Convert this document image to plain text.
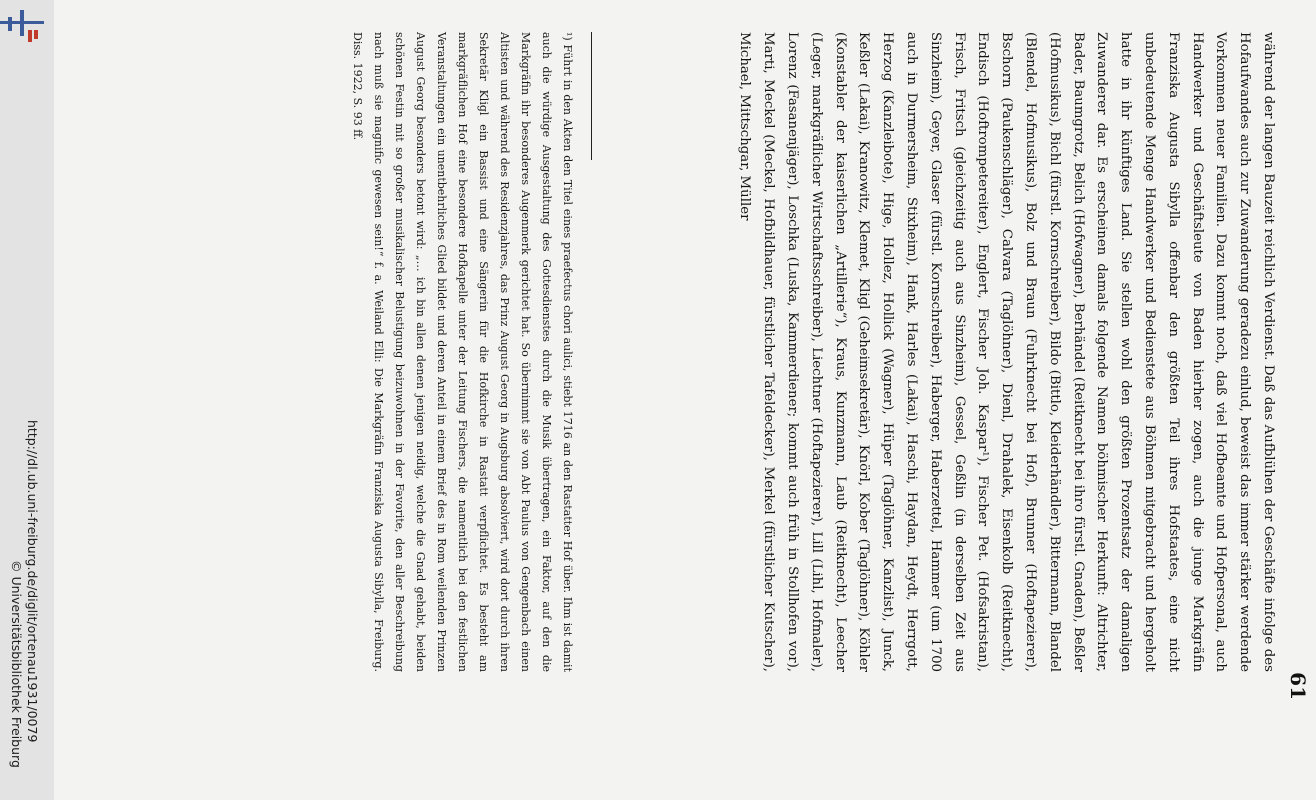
http://dl.ub.uni-freiburg.de/diglit/ortenau1931/0079
© Universitätsbibliothek Freiburg	61

während der langen Bauzeit reichlich Verdienst. Daß das Aufblühen der Geschäfte infolge des Hofaufwandes auch zur Zuwanderung geradezu einlud, beweist das immer stärker werdende Vorkommen neuer Familien. Dazu kommt noch, daß viel Hofbeamte und Hofpersonal, auch Handwerker und Geschäftsleute von Baden hierher zogen, auch die junge Markgräfin Franziska Augusta Sibylla offenbar den größten Teil ihres Hofstaates, eine nicht unbedeutende Menge Handwerker und Bedienstete aus Böhmen mitgebracht und hergeholt hatte in ihr künftiges Land. Sie stellen wohl den größten Prozentsatz der damaligen Zuwanderer dar. Es erscheinen damals folgende Namen böhmischer Herkunft: Altrichter, Bader, Baumgrotz, Belich (Hofwagner), Berhändel (Reitknecht bei ihro fürstl. Gnaden), Beßler (Hofmusikus), Bichl (fürstl. Kornschreiber), Bildo (Bittlo, Kleiderhändler), Bittermann, Blandel (Blendel, Hofmusikus), Bolz und Braun (Fuhrknecht bei Hof), Brunner (Hoftapezierer), Bschorn (Paukenschläger), Calvara (Taglöhner), Dienl, Drahalek, Eisenkolb (Reitknecht), Endisch (Hoftrompetereiter), Englert, Fischer Joh. Kaspar¹), Fischer Pet. (Hofsakristan), Frisch, Fritsch (gleichzeitig auch aus Sinzheim), Gessel, Geßlin (in derselben Zeit aus Sinzheim), Geyer, Glaser (fürstl. Kornschreiber), Haberger, Haberzettel, Hammer (um 1700 auch in Durmersheim, Stixheim), Hank, Harles (Lakai), Haschi, Haydan, Heydt, Herrgott, Herzog (Kanzleibote), Hige, Hollez, Hollick (Wagner), Hüper (Taglöhner, Kanzlist), Junck, Keßler (Lakai), Kranowitz, Klemet, Kligl (Geheimsekretär), Knörl, Kober (Taglöhner), Köhler (Konstabler der kaiserlichen „Artillerie“), Kraus, Kunzmann, Laub (Reitknecht), Leecher (Leger, markgräflicher Wirtschaftsschreiber), Liechtner (Hoftapezierer), Lill (Lihl, Hofmaler), Lorenz (Fasanenjäger), Loschka (Luska, Kammerdiener; kommt auch früh in Stollhofen vor), Marti, Meckel (Meckel, Hofbildhauer, fürstlicher Tafeldecker), Merkel (fürstlicher Kutscher), Michael, Mittschgar, Müller

¹) Führt in den Akten den Titel eines praefectus chori aulici, stiebt 1716 an den Rastatter Hof über. Ihm ist damit auch die würdige Ausgestaltung des Gottesdienstes durch die Musik übertragen, ein Faktor, auf den die Markgräfin ihr besonderes Augenmerk gerichtet hat. So übernimmt sie von Abt Paulus von Gengenbach einen Altisten und während des Residenzjahres, das Prinz August Georg in Augsburg absolviert, wird dort durch ihren Sekretär Kligl ein Bassist und eine Sängerin für die Hofkirche in Rastatt verpflichtet. Es besteht am markgräflichen Hof eine besondere Hofkapelle unter der Leitung Fischers, die namentlich bei den festlichen Veranstaltungen ein unentbehrliches Glied bildet und deren Anteil in einem Brief des in Rom weilenden Prinzen August Georg besonders betont wird: „… ich bin allen denen jenigen neidig, welche die Gnad gehabt, beiden schönen Festin mit so großer musikalischer Belustigung beizuwohnen in der Favorite, den aller Beschreibung nach muß sie magnific gewesen sein!“ f. a. Weiland Elli: Die Markgräfin Franziska Augusta Sibylla, Freiburg. Diss. 1922, S. 93 ff.
